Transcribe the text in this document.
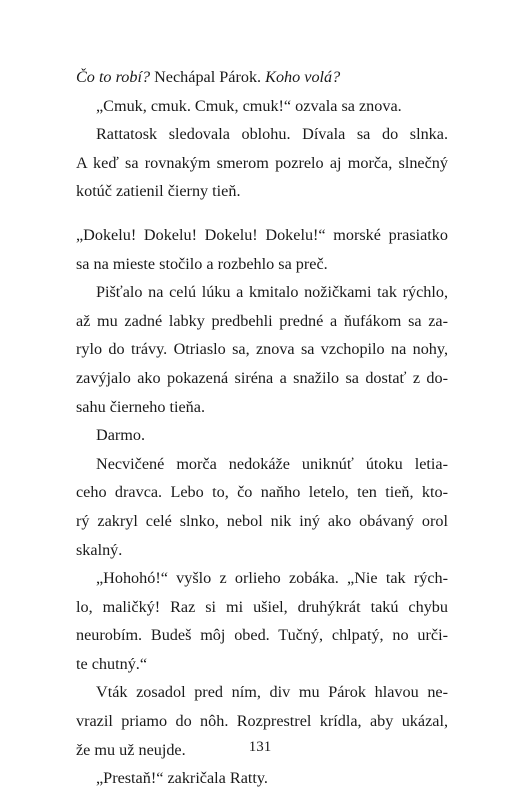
Čo to robí? Nechápal Párok. Koho volá?
„Cmuk, cmuk. Cmuk, cmuk!“ ozvala sa znova.
Rattatosk sledovala oblohu. Dívala sa do slnka.
A keď sa rovnakým smerom pozrelo aj morča, slnečný
kotúč zatienil čierny tieň.
„Dokelu! Dokelu! Dokelu! Dokelu!“ morské prasiatko
sa na mieste stočilo a rozbehlo sa preč.
Pišťalo na celú lúku a kmitalo nožičkami tak rýchlo,
až mu zadné labky predbehli predné a ňufákom sa za-
rylo do trávy. Otriaslo sa, znova sa vzchopilo na nohy,
zavýjalo ako pokazená siréna a snažilo sa dostať z do-
sahu čierneho tieňa.
Darmo.
Necvičené morča nedokáže uniknúť útoku letia-
ceho dravca. Lebo to, čo naňho letelo, ten tieň, kto-
rý zakryl celé slnko, nebol nik iný ako obávaný orol
skalný.
„Hohohó!“ vyšlo z orlieho zobáka. „Nie tak rých-
lo, maličký! Raz si mi ušiel, druhýkrát takú chybu
neurobím. Budeš môj obed. Tučný, chlpatý, no urči-
te chutný.“
Vták zosadol pred ním, div mu Párok hlavou ne-
vrazil priamo do nôh. Rozprestrel krídla, aby ukázal,
že mu už neujde.
„Prestaň!“ zakričala Ratty.
131
